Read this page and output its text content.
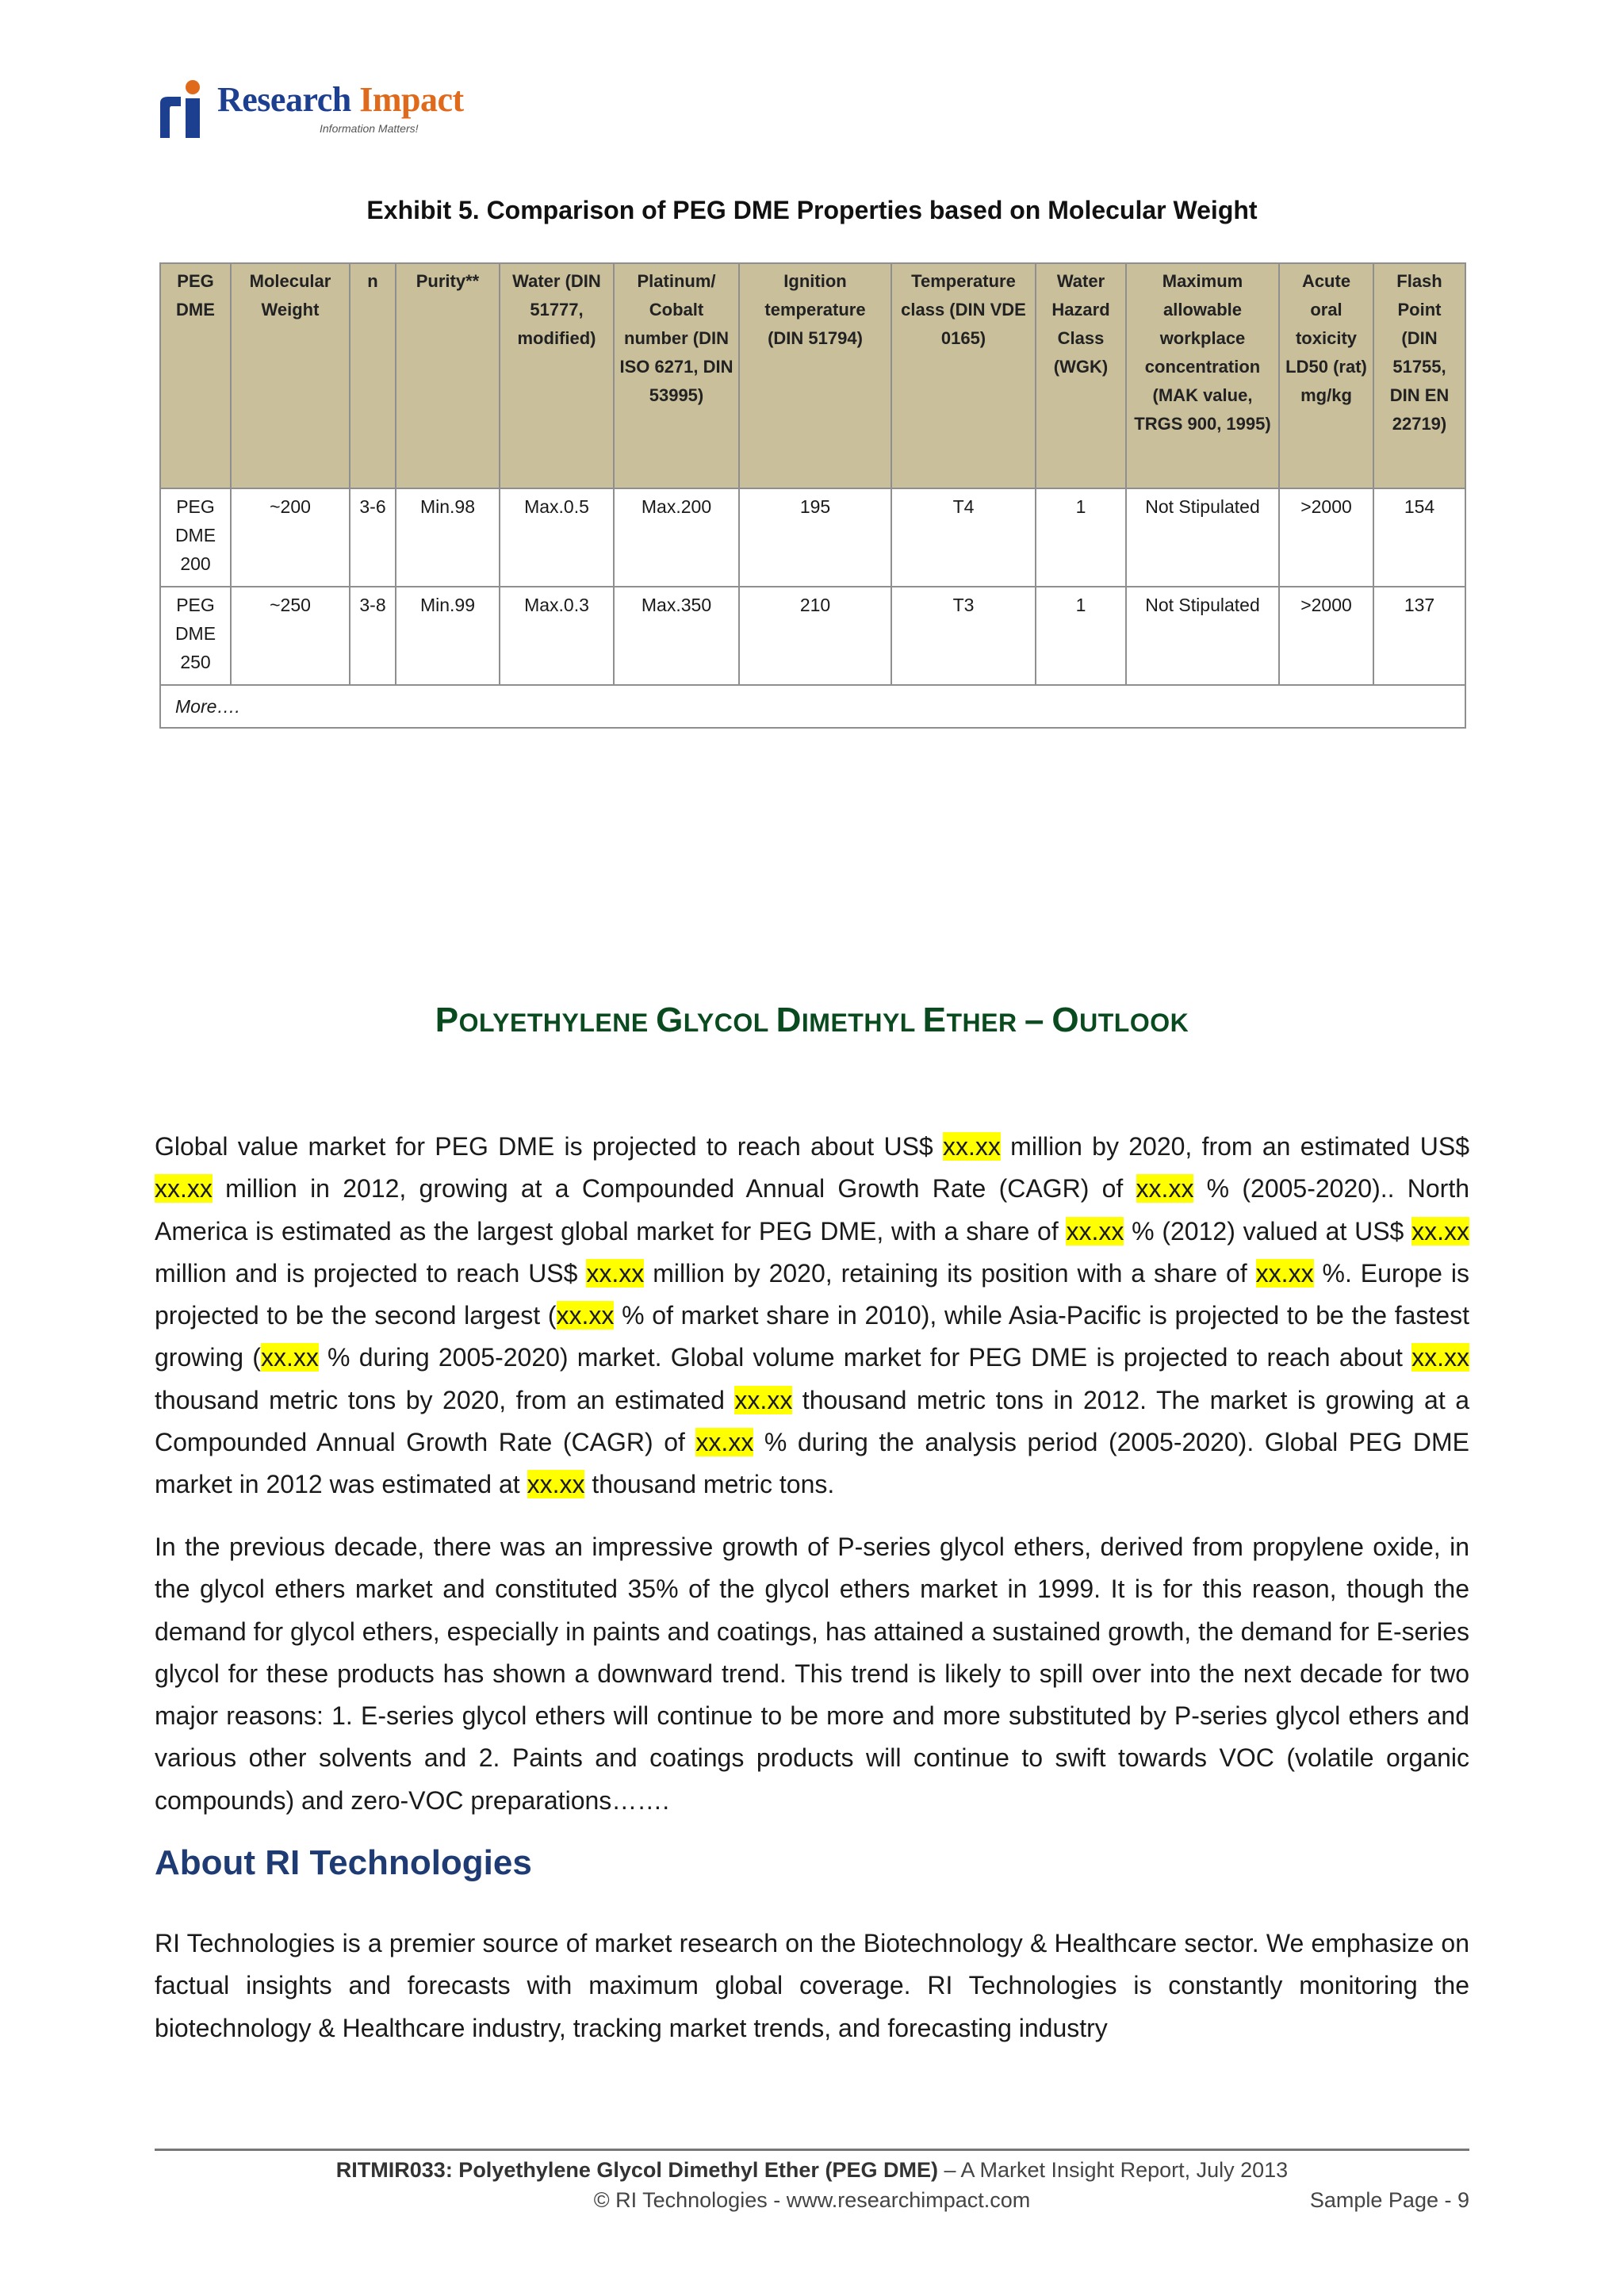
Research Impact
Information Matters!
Exhibit 5. Comparison of PEG DME Properties based on Molecular Weight
PEG DME	Molecular Weight	n	Purity**	Water (DIN 51777, modified)	Platinum/ Cobalt number (DIN ISO 6271, DIN 53995)	Ignition temperature (DIN 51794)	Temperature class (DIN VDE 0165)	Water Hazard Class (WGK)	Maximum allowable workplace concentration (MAK value, TRGS 900, 1995)	Acute oral toxicity LD50 (rat) mg/kg	Flash Point (DIN 51755, DIN EN 22719)
PEG DME 200	~200	3-6	Min.98	Max.0.5	Max.200	195	T4	1	Not Stipulated	>2000	154
PEG DME 250	~250	3-8	Min.99	Max.0.3	Max.350	210	T3	1	Not Stipulated	>2000	137
More….											
POLYETHYLENE GLYCOL DIMETHYL ETHER – OUTLOOK
Global value market for PEG DME is projected to reach about US$ xx.xx million by 2020, from an estimated US$ xx.xx million in 2012, growing at a Compounded Annual Growth Rate (CAGR) of xx.xx % (2005-2020).. North America is estimated as the largest global market for PEG DME, with a share of xx.xx % (2012) valued at US$ xx.xx million and is projected to reach US$ xx.xx million by 2020, retaining its position with a share of xx.xx %. Europe is projected to be the second largest (xx.xx % of market share in 2010), while Asia-Pacific is projected to be the fastest growing (xx.xx % during 2005-2020) market. Global volume market for PEG DME is projected to reach about xx.xx thousand metric tons by 2020, from an estimated xx.xx thousand metric tons in 2012. The market is growing at a Compounded Annual Growth Rate (CAGR) of xx.xx % during the analysis period (2005-2020). Global PEG DME market in 2012 was estimated at xx.xx thousand metric tons.
In the previous decade, there was an impressive growth of P-series glycol ethers, derived from propylene oxide, in the glycol ethers market and constituted 35% of the glycol ethers market in 1999. It is for this reason, though the demand for glycol ethers, especially in paints and coatings, has attained a sustained growth, the demand for E-series glycol for these products has shown a downward trend. This trend is likely to spill over into the next decade for two major reasons: 1. E-series glycol ethers will continue to be more and more substituted by P-series glycol ethers and various other solvents and 2. Paints and coatings products will continue to swift towards VOC (volatile organic compounds) and zero-VOC preparations…….
About RI Technologies
RI Technologies is a premier source of market research on the Biotechnology & Healthcare sector. We emphasize on factual insights and forecasts with maximum global coverage. RI Technologies is constantly monitoring the biotechnology & Healthcare industry, tracking market trends, and forecasting industry
RITMIR033: Polyethylene Glycol Dimethyl Ether (PEG DME) – A Market Insight Report, July 2013
© RI Technologies - www.researchimpact.com	Sample Page - 9
